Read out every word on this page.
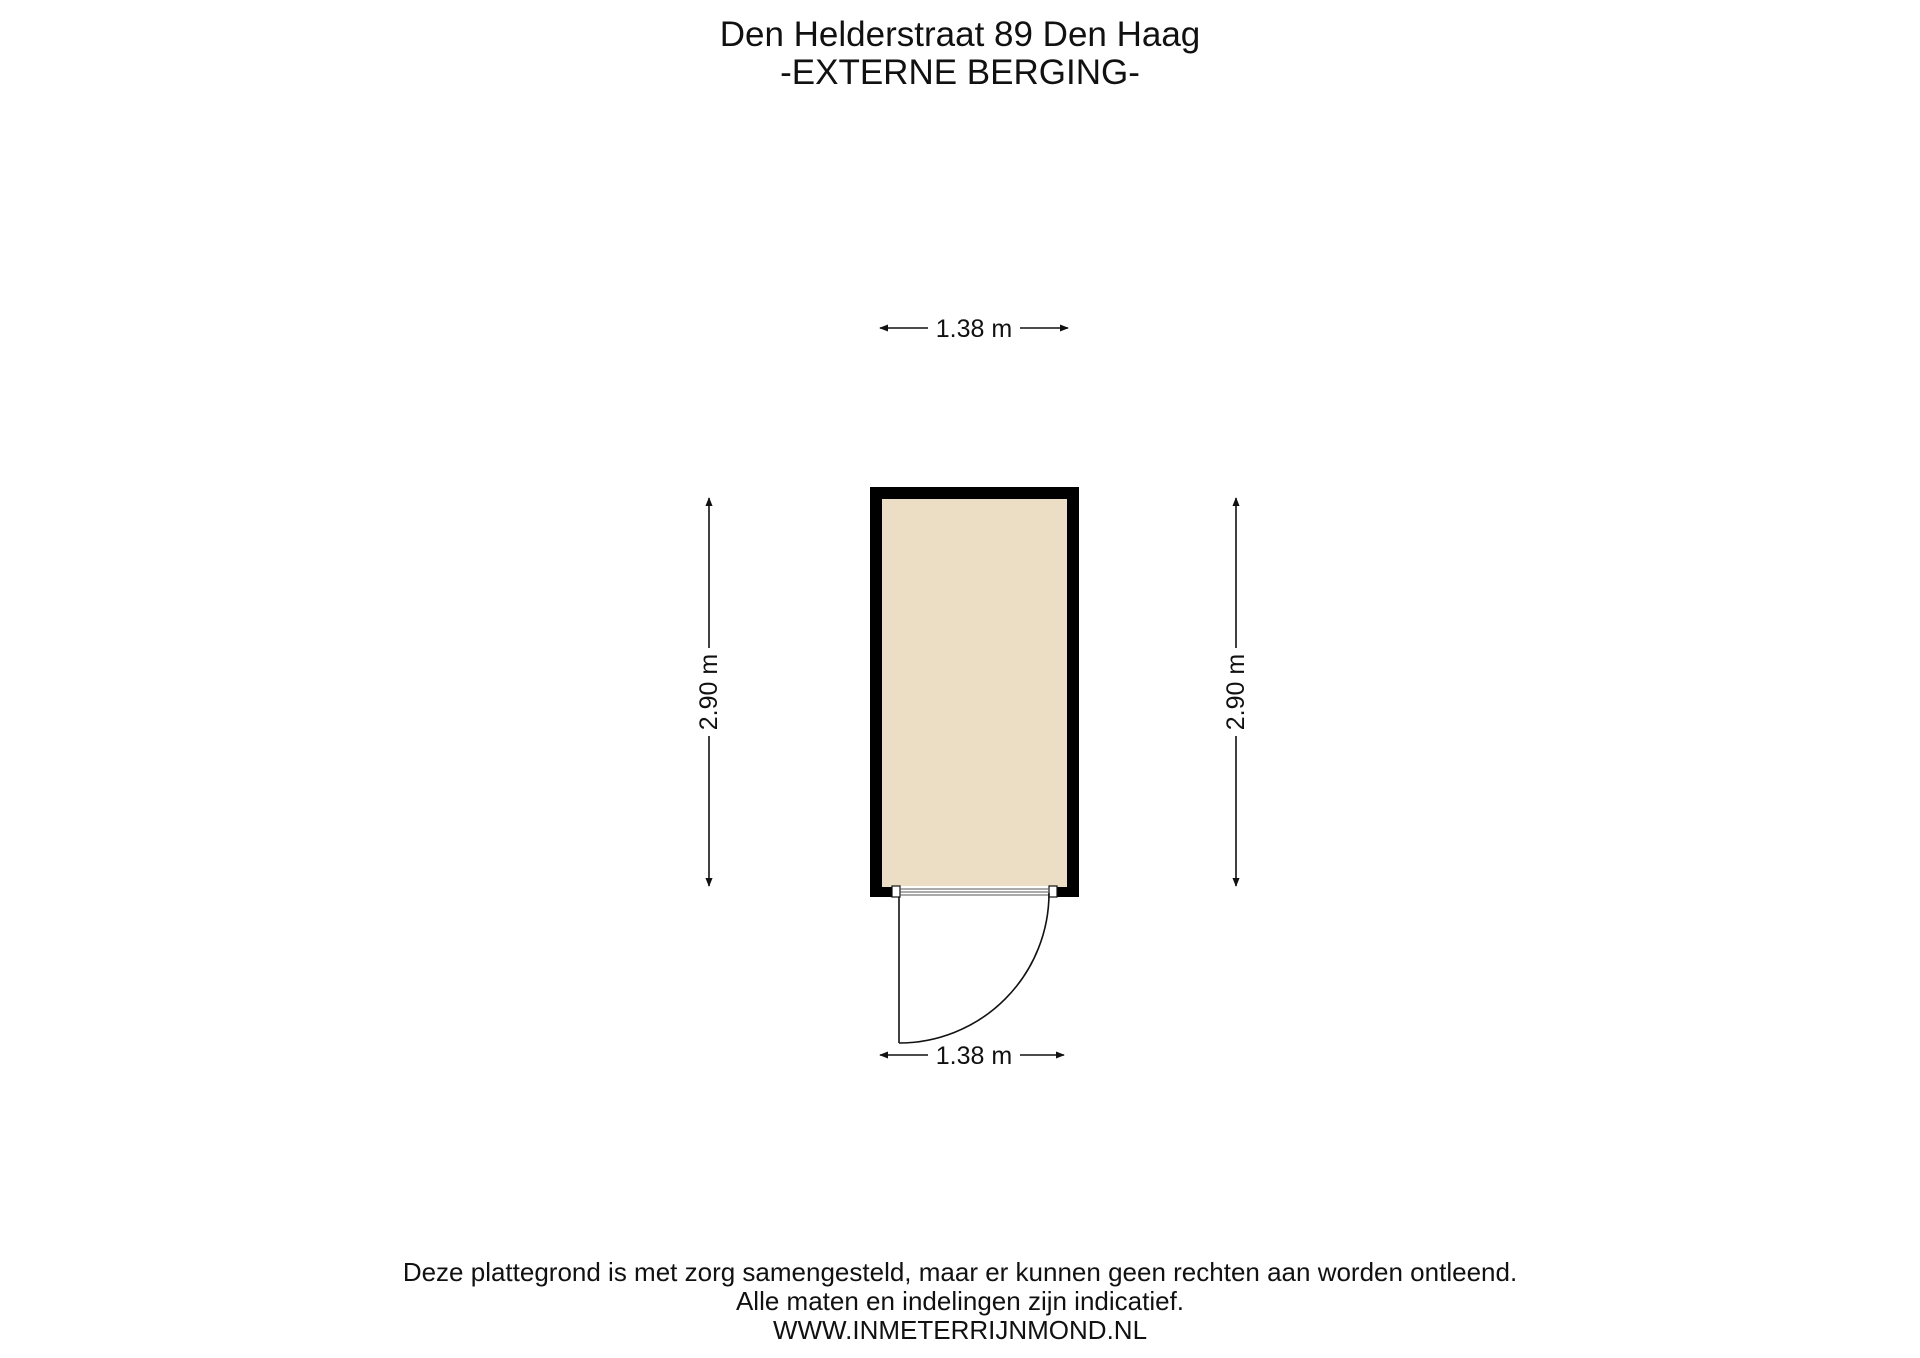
Den Helderstraat 89 Den Haag
-EXTERNE BERGING-
1.38 m
1.38 m
2.90 m	2.90 m
Deze plattegrond is met zorg samengesteld, maar er kunnen geen rechten aan worden ontleend.
Alle maten en indelingen zijn indicatief.
WWW.INMETERRIJNMOND.NL
